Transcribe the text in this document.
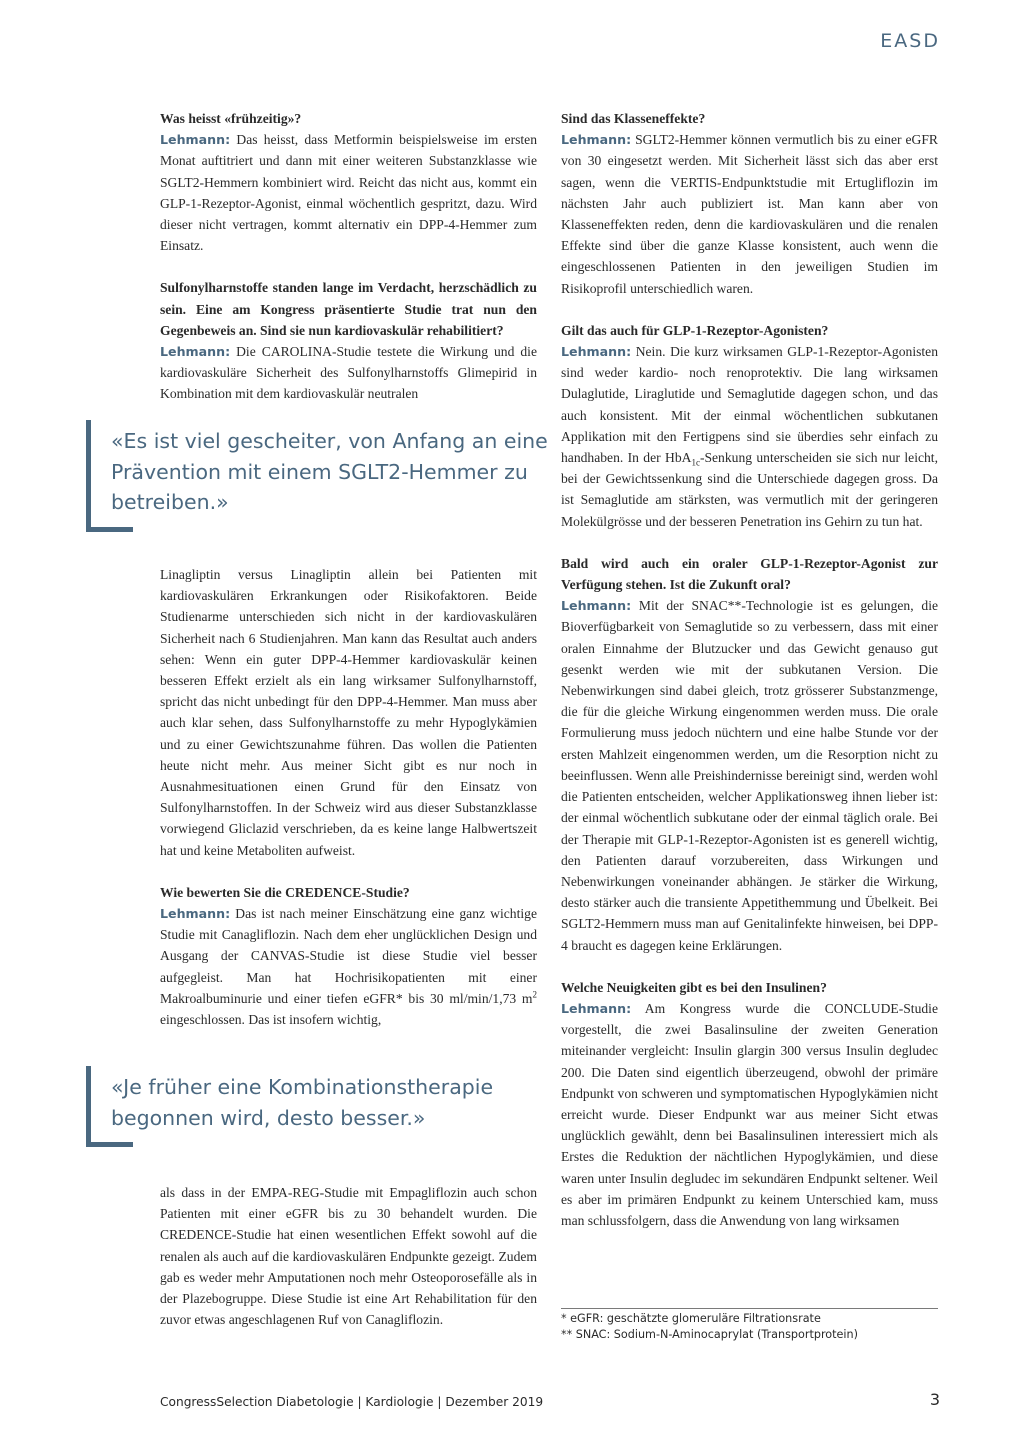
EASD

Was heisst «frühzeitig»?
Lehmann: Das heisst, dass Metformin beispielsweise im ersten Monat auftitriert und dann mit einer weiteren Substanzklasse wie SGLT2-Hemmern kombiniert wird. Reicht das nicht aus, kommt ein GLP-1-Rezeptor-Agonist, einmal wöchentlich gespritzt, dazu. Wird dieser nicht vertragen, kommt alternativ ein DPP-4-Hemmer zum Einsatz.

Sulfonylharnstoffe standen lange im Verdacht, herzschädlich zu sein. Eine am Kongress präsentierte Studie trat nun den Gegenbeweis an. Sind sie nun kardiovaskulär rehabilitiert?
Lehmann: Die CAROLINA-Studie testete die Wirkung und die kardiovaskuläre Sicherheit des Sulfonylharnstoffs Glimepirid in Kombination mit dem kardiovaskulär neutralen

«Es ist viel gescheiter, von Anfang an eine Prävention mit einem SGLT2-Hemmer zu betreiben.»

Linagliptin versus Linagliptin allein bei Patienten mit kardiovaskulären Erkrankungen oder Risikofaktoren. Beide Studienarme unterschieden sich nicht in der kardiovaskulären Sicherheit nach 6 Studienjahren. Man kann das Resultat auch anders sehen: Wenn ein guter DPP-4-Hemmer kardiovaskulär keinen besseren Effekt erzielt als ein lang wirksamer Sulfonylharnstoff, spricht das nicht unbedingt für den DPP-4-Hemmer. Man muss aber auch klar sehen, dass Sulfonylharnstoffe zu mehr Hypoglykämien und zu einer Gewichtszunahme führen. Das wollen die Patienten heute nicht mehr. Aus meiner Sicht gibt es nur noch in Ausnahmesituationen einen Grund für den Einsatz von Sulfonylharnstoffen. In der Schweiz wird aus dieser Substanzklasse vorwiegend Gliclazid verschrieben, da es keine lange Halbwertszeit hat und keine Metaboliten aufweist.

Wie bewerten Sie die CREDENCE-Studie?
Lehmann: Das ist nach meiner Einschätzung eine ganz wichtige Studie mit Canagliflozin. Nach dem eher unglücklichen Design und Ausgang der CANVAS-Studie ist diese Studie viel besser aufgegleist. Man hat Hochrisikopatienten mit einer Makroalbuminurie und einer tiefen eGFR* bis 30 ml/min/1,73 $m^2$ eingeschlossen. Das ist insofern wichtig,

«Je früher eine Kombinationstherapie begonnen wird, desto besser.»

als dass in der EMPA-REG-Studie mit Empagliflozin auch schon Patienten mit einer eGFR bis zu 30 behandelt wurden. Die CREDENCE-Studie hat einen wesentlichen Effekt sowohl auf die renalen als auch auf die kardiovaskulären Endpunkte gezeigt. Zudem gab es weder mehr Amputationen noch mehr Osteoporosefälle als in der Plazebogruppe. Diese Studie ist eine Art Rehabilitation für den zuvor etwas angeschlagenen Ruf von Canagliflozin.

Sind das Klasseneffekte?
Lehmann: SGLT2-Hemmer können vermutlich bis zu einer eGFR von 30 eingesetzt werden. Mit Sicherheit lässt sich das aber erst sagen, wenn die VERTIS-Endpunktstudie mit Ertugliflozin im nächsten Jahr auch publiziert ist. Man kann aber von Klasseneffekten reden, denn die kardiovaskulären und die renalen Effekte sind über die ganze Klasse konsistent, auch wenn die eingeschlossenen Patienten in den jeweiligen Studien im Risikoprofil unterschiedlich waren.

Gilt das auch für GLP-1-Rezeptor-Agonisten?
Lehmann: Nein. Die kurz wirksamen GLP-1-Rezeptor-Agonisten sind weder kardio- noch renoprotektiv. Die lang wirksamen Dulaglutide, Liraglutide und Semaglutide dagegen schon, und das auch konsistent. Mit der einmal wöchentlichen subkutanen Applikation mit den Fertigpens sind sie überdies sehr einfach zu handhaben. In der HbA$_{1c}$-Senkung unterscheiden sie sich nur leicht, bei der Gewichtssenkung sind die Unterschiede dagegen gross. Da ist Semaglutide am stärksten, was vermutlich mit der geringeren Molekülgrösse und der besseren Penetration ins Gehirn zu tun hat.

Bald wird auch ein oraler GLP-1-Rezeptor-Agonist zur Verfügung stehen. Ist die Zukunft oral?
Lehmann: Mit der SNAC**-Technologie ist es gelungen, die Bioverfügbarkeit von Semaglutide so zu verbessern, dass mit einer oralen Einnahme der Blutzucker und das Gewicht genauso gut gesenkt werden wie mit der subkutanen Version. Die Nebenwirkungen sind dabei gleich, trotz grösserer Substanzmenge, die für die gleiche Wirkung eingenommen werden muss. Die orale Formulierung muss jedoch nüchtern und eine halbe Stunde vor der ersten Mahlzeit eingenommen werden, um die Resorption nicht zu beeinflussen. Wenn alle Preishindernisse bereinigt sind, werden wohl die Patienten entscheiden, welcher Applikationsweg ihnen lieber ist: der einmal wöchentlich subkutane oder der einmal täglich orale. Bei der Therapie mit GLP-1-Rezeptor-Agonisten ist es generell wichtig, den Patienten darauf vorzubereiten, dass Wirkungen und Nebenwirkungen voneinander abhängen. Je stärker die Wirkung, desto stärker auch die transiente Appetithemmung und Übelkeit. Bei SGLT2-Hemmern muss man auf Genitalinfekte hinweisen, bei DPP-4 braucht es dagegen keine Erklärungen.

Welche Neuigkeiten gibt es bei den Insulinen?
Lehmann: Am Kongress wurde die CONCLUDE-Studie vorgestellt, die zwei Basalinsuline der zweiten Generation miteinander vergleicht: Insulin glargin 300 versus Insulin degludec 200. Die Daten sind eigentlich überzeugend, obwohl der primäre Endpunkt von schweren und symptomatischen Hypoglykämien nicht erreicht wurde. Dieser Endpunkt war aus meiner Sicht etwas unglücklich gewählt, denn bei Basalinsulinen interessiert mich als Erstes die Reduktion der nächtlichen Hypoglykämien, und diese waren unter Insulin degludec im sekundären Endpunkt seltener. Weil es aber im primären Endpunkt zu keinem Unterschied kam, muss man schlussfolgern, dass die Anwendung von lang wirksamen

* eGFR: geschätzte glomeruläre Filtrationsrate
** SNAC: Sodium-N-Aminocaprylat (Transportprotein)
CongressSelection Diabetologie | Kardiologie | Dezember 2019	3
